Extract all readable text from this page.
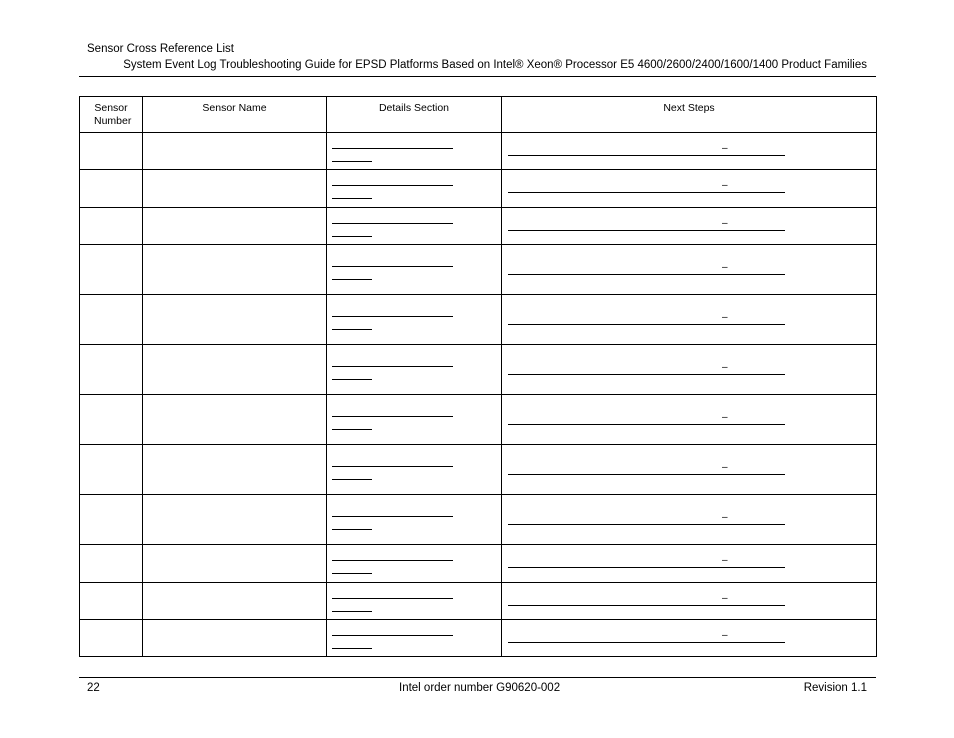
Sensor Cross Reference List
System Event Log Troubleshooting Guide for EPSD Platforms Based on Intel® Xeon® Processor E5 4600/2600/2400/1600/1400 Product Families
Sensor Number	Sensor Name	Details Section	Next Steps

			–

			–

			–

			–

			–

			–

			–

			–

			–

			–

			–

			–
22	Intel order number G90620-002	Revision 1.1
